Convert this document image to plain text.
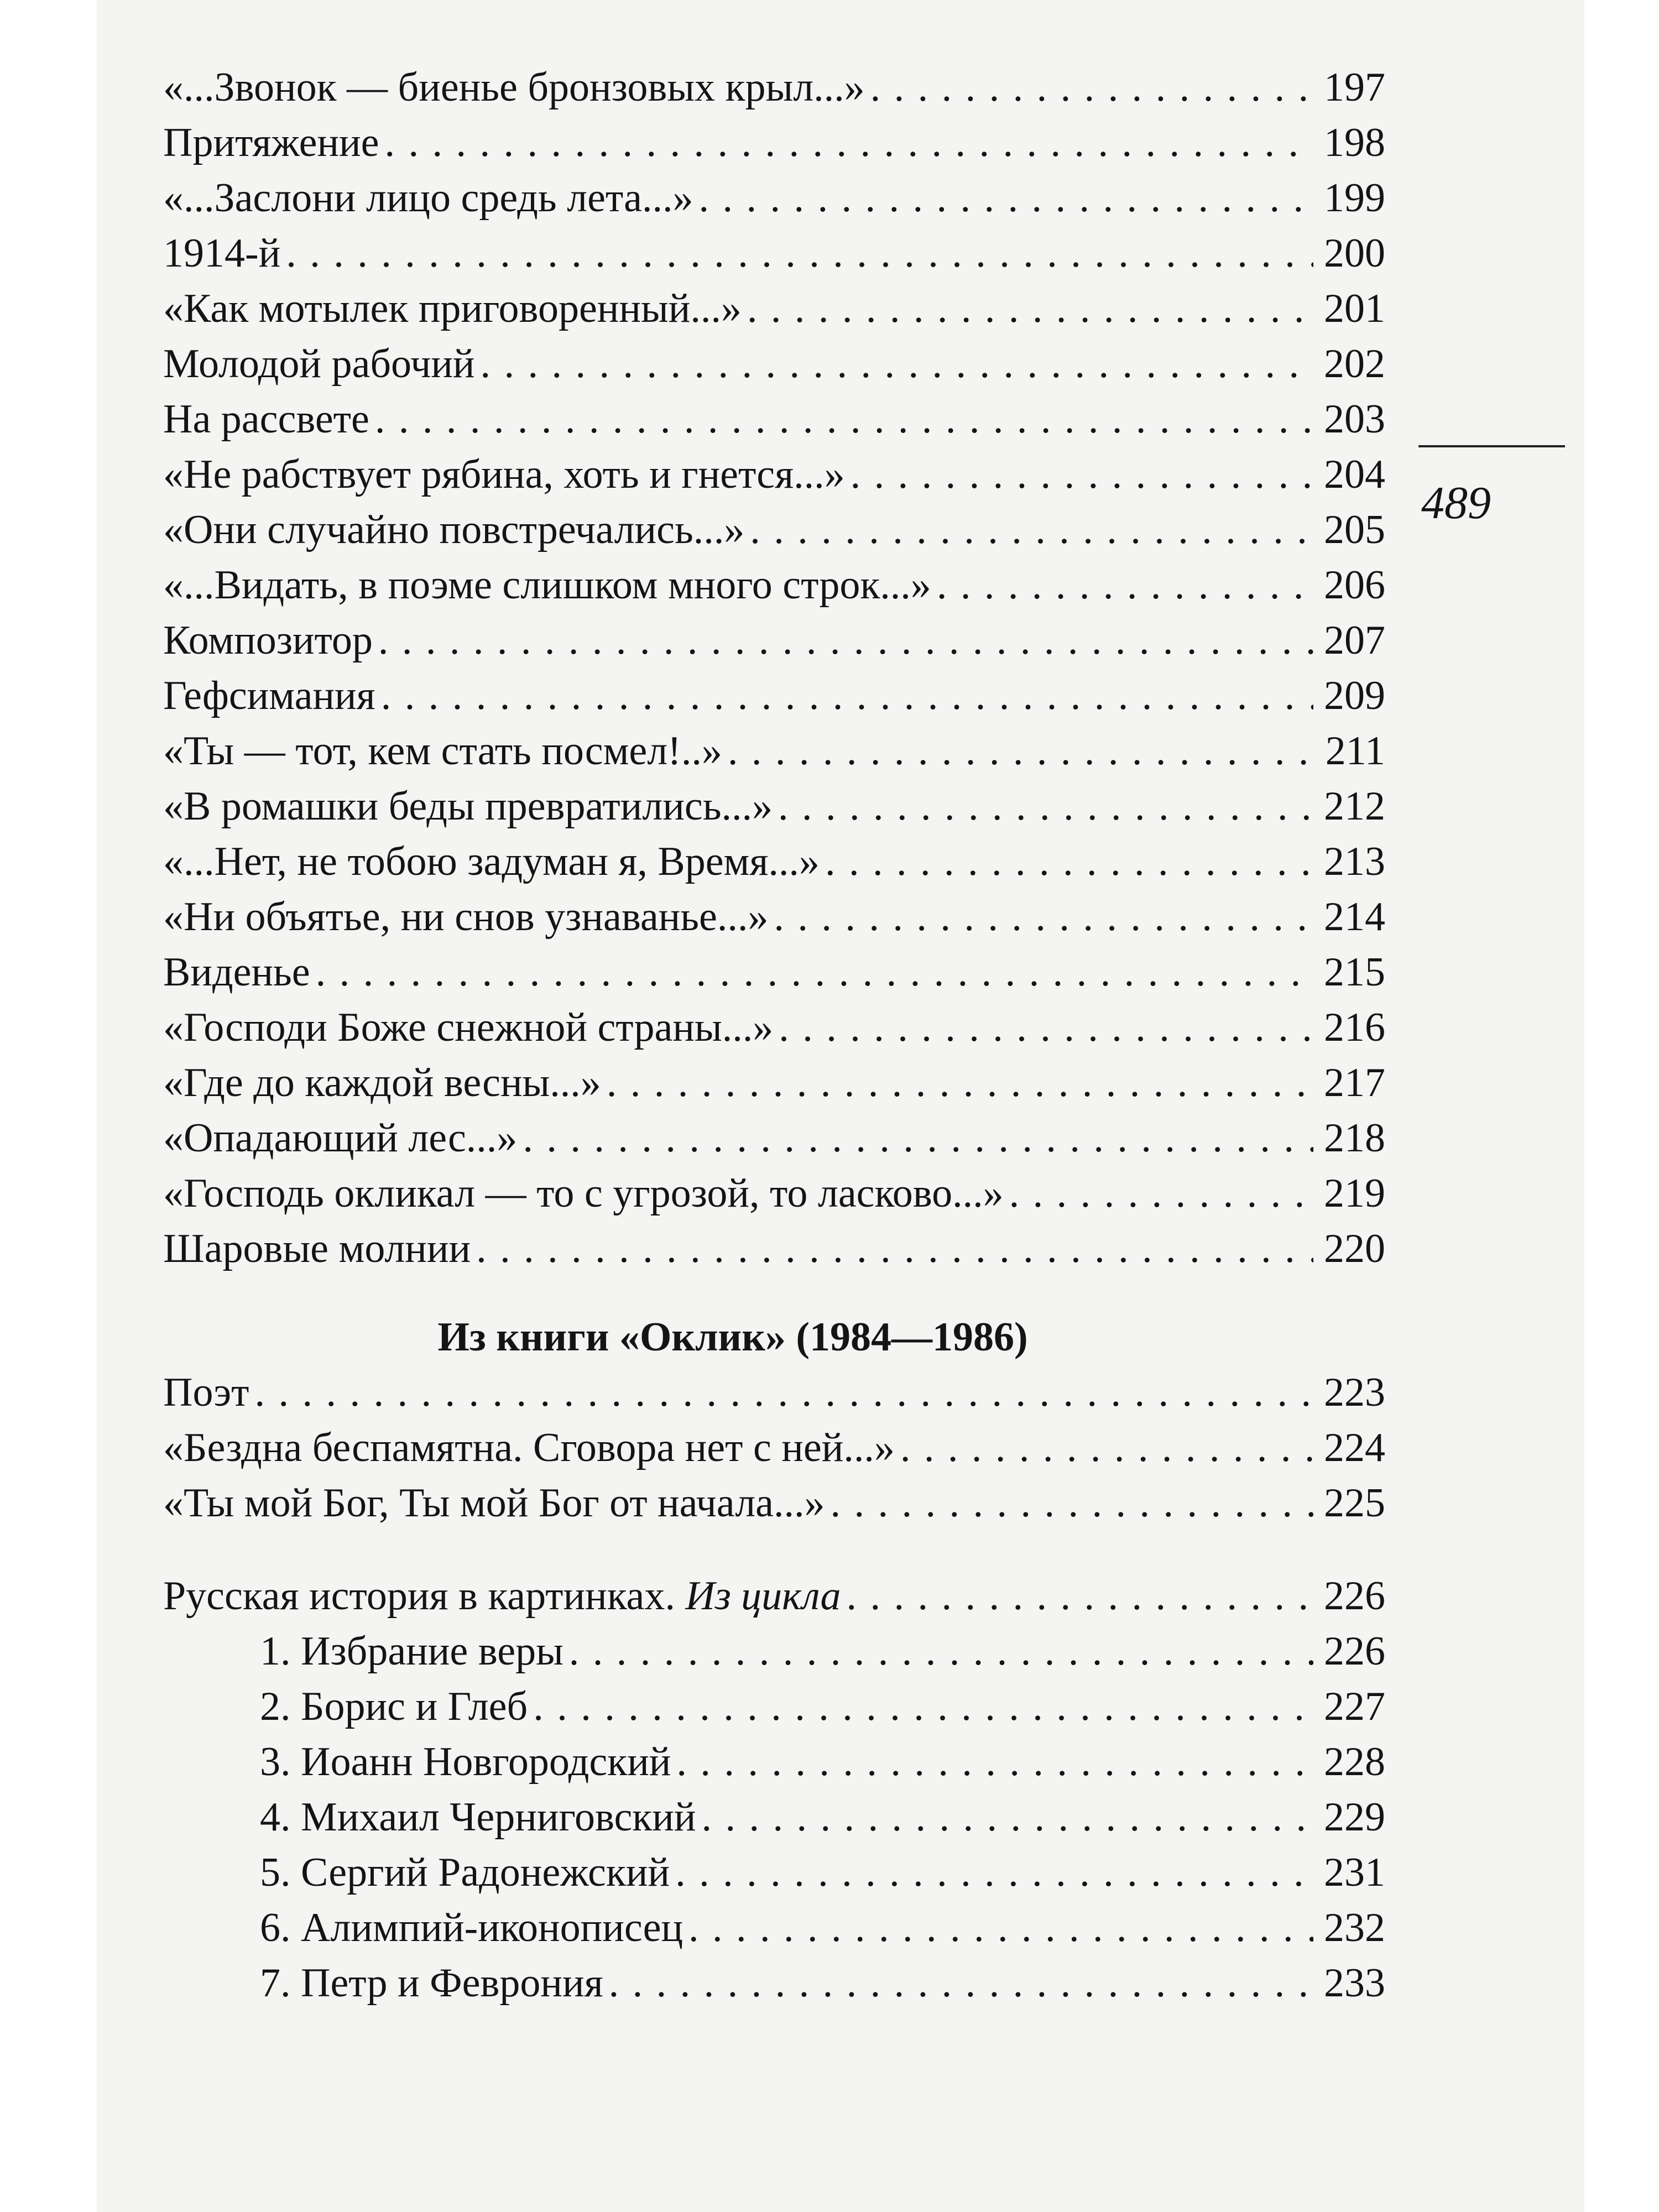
«...Звонок — биенье бронзовых крыл...» . . .	197
Притяжение . . .	198
«...Заслони лицо средь лета...» . . .	199
1914-й . . .	200
«Как мотылек приговоренный...» . . .	201
Молодой рабочий . . .	202
На рассвете . . .	203
«Не рабствует рябина, хоть и гнется...» . . .	204
«Они случайно повстречались...» . . .	205
«...Видать, в поэме слишком много строк...» . . .	206
Композитор . . .	207
Гефсимания . . .	209
«Ты — тот, кем стать посмел!..» . . .	211
«В ромашки беды превратились...» . . .	212
«...Нет, не тобою задуман я, Время...» . . .	213
«Ни объятье, ни снов узнаванье...» . . .	214
Виденье . . .	215
«Господи Боже снежной страны...» . . .	216
«Где до каждой весны...» . . .	217
«Опадающий лес...» . . .	218
«Господь окликал — то с угрозой, то ласково...» . . .	219
Шаровые молнии . . .	220
Из книги «Оклик» (1984—1986)
Поэт . . .	223
«Бездна беспамятна. Сговора нет с ней...» . . .	224
«Ты мой Бог, Ты мой Бог от начала...» . . .	225
Русская история в картинках. Из цикла . . .	226
1. Избрание веры . . .	226
2. Борис и Глеб . . .	227
3. Иоанн Новгородский . . .	228
4. Михаил Черниговский . . .	229
5. Сергий Радонежский . . .	231
6. Алимпий-иконописец . . .	232
7. Петр и Феврония . . .	233
489
